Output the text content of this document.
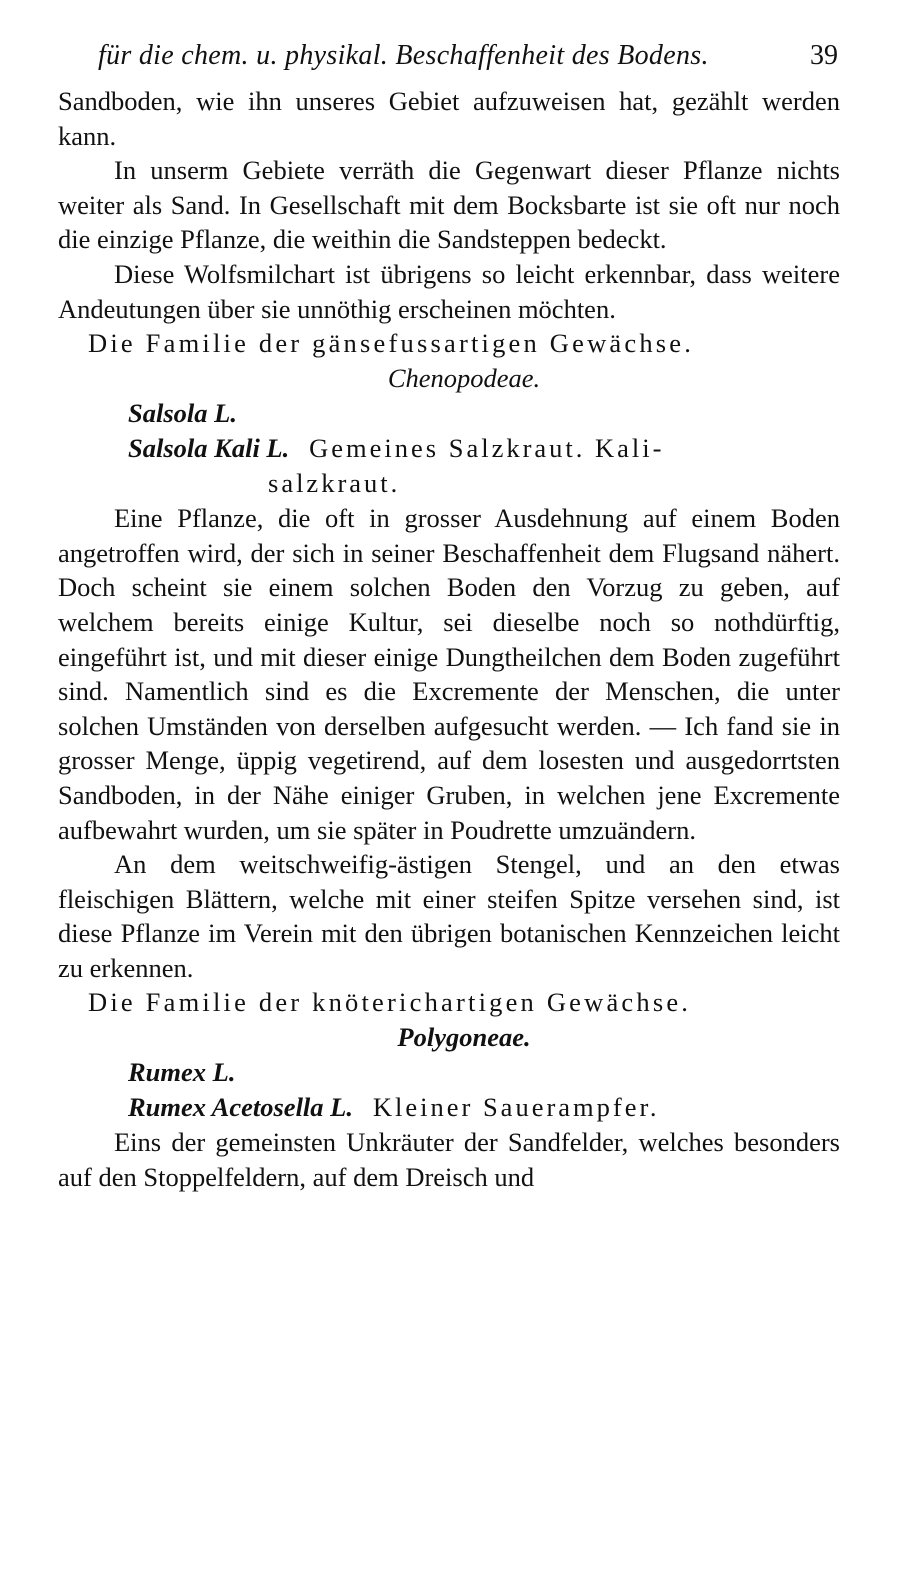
für die chem. u. physikal. Beschaffenheit des Bodens.	39

Sandboden, wie ihn unseres Gebiet aufzuweisen hat, gezählt werden kann.

In unserm Gebiete verräth die Gegenwart dieser Pflanze nichts weiter als Sand. In Gesellschaft mit dem Bocksbarte ist sie oft nur noch die einzige Pflanze, die weithin die Sandsteppen bedeckt.

Diese Wolfsmilchart ist übrigens so leicht erkennbar, dass weitere Andeutungen über sie unnöthig erscheinen möchten.

Die Familie der gänsefussartigen Gewächse.

Chenopodeae.

Salsola L.

Salsola Kali L. Gemeines Salzkraut. Kali-

salzkraut.

Eine Pflanze, die oft in grosser Ausdehnung auf einem Boden angetroffen wird, der sich in seiner Beschaffenheit dem Flugsand nähert. Doch scheint sie einem solchen Boden den Vorzug zu geben, auf welchem bereits einige Kultur, sei dieselbe noch so nothdürftig, eingeführt ist, und mit dieser einige Dungtheilchen dem Boden zugeführt sind. Namentlich sind es die Excremente der Menschen, die unter solchen Umständen von derselben aufgesucht werden. — Ich fand sie in grosser Menge, üppig vegetirend, auf dem losesten und ausgedorrtsten Sandboden, in der Nähe einiger Gruben, in welchen jene Excremente aufbewahrt wurden, um sie später in Poudrette umzuändern.

An dem weitschweifig-ästigen Stengel, und an den etwas fleischigen Blättern, welche mit einer steifen Spitze versehen sind, ist diese Pflanze im Verein mit den übrigen botanischen Kennzeichen leicht zu erkennen.

Die Familie der knöterichartigen Gewächse.

Polygoneae.

Rumex L.

Rumex Acetosella L. Kleiner Sauerampfer.

Eins der gemeinsten Unkräuter der Sandfelder, welches besonders auf den Stoppelfeldern, auf dem Dreisch und
